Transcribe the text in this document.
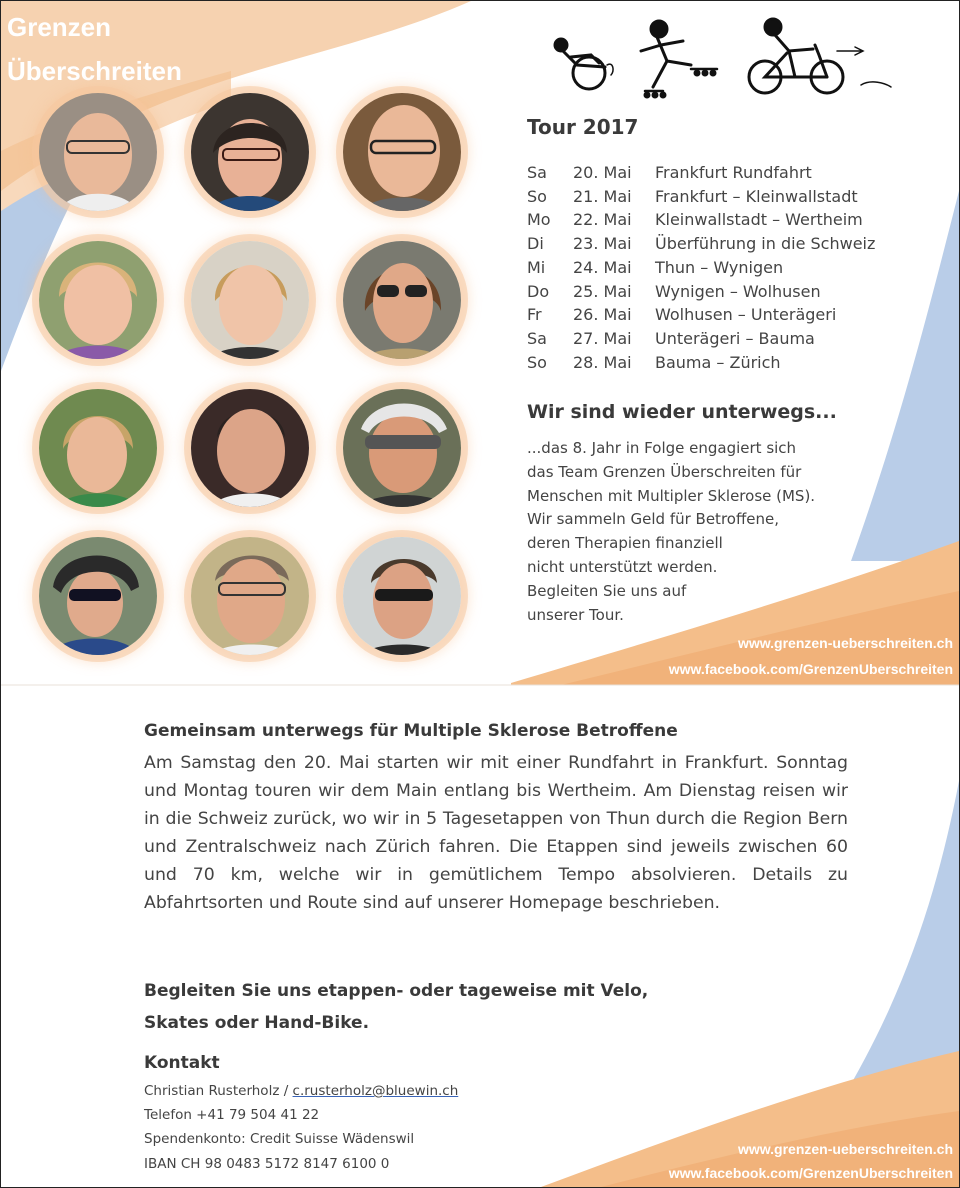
Grenzen
Überschreiten
Tour 2017
Sa	20. Mai	Frankfurt Rundfahrt
So	21. Mai	Frankfurt – Kleinwallstadt
Mo	22. Mai	Kleinwallstadt – Wertheim
Di	23. Mai	Überführung in die Schweiz
Mi	24. Mai	Thun – Wynigen
Do	25. Mai	Wynigen – Wolhusen
Fr	26. Mai	Wolhusen – Unterägeri
Sa	27. Mai	Unterägeri – Bauma
So	28. Mai	Bauma – Zürich
Wir sind wieder unterwegs...
...das 8. Jahr in Folge engagiert sich
das Team Grenzen Überschreiten für
Menschen mit Multipler Sklerose (MS).
Wir sammeln Geld für Betroffene,
deren Therapien finanziell
nicht unterstützt werden.
Begleiten Sie uns auf
unserer Tour.
www.grenzen-ueberschreiten.ch
www.facebook.com/GrenzenUberschreiten
Gemeinsam unterwegs für Multiple Sklerose Betroffene
Am Samstag den 20. Mai starten wir mit einer Rundfahrt in Frankfurt. Sonntag und Montag touren wir dem Main entlang bis Wertheim. Am Dienstag reisen wir in die Schweiz zurück, wo wir in 5 Tagesetappen von Thun durch die Region Bern und Zentralschweiz nach Zürich fahren. Die Etappen sind jeweils zwischen 60 und 70 km, welche wir in gemütlichem Tempo absolvieren. Details zu Abfahrtsorten und Route sind auf unserer Homepage beschrieben.
Begleiten Sie uns etappen- oder tageweise mit Velo,
Skates oder Hand-Bike.
Kontakt
Christian Rusterholz / c.rusterholz@bluewin.ch
Telefon +41 79 504 41 22
Spendenkonto: Credit Suisse Wädenswil
IBAN CH 98 0483 5172 8147 6100 0
www.grenzen-ueberschreiten.ch
www.facebook.com/GrenzenUberschreiten
